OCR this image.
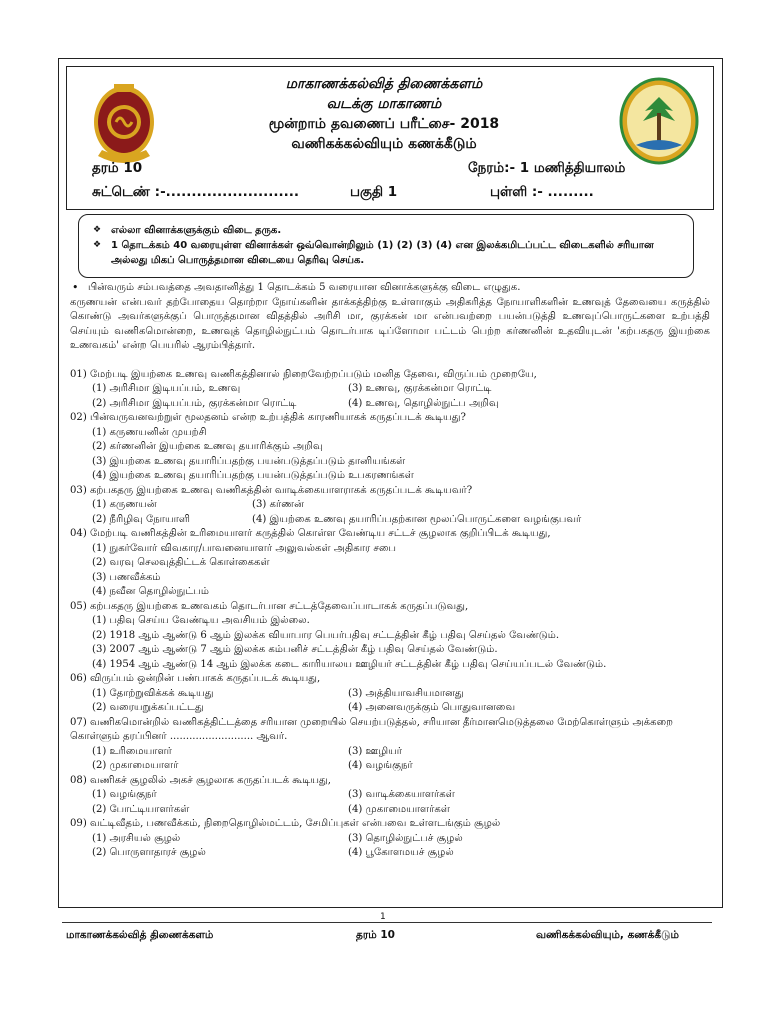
மாகாணக்கல்வித் திணைக்களம்
வடக்கு மாகாணம்
மூன்றாம் தவணைப் பரீட்சை- 2018
வணிகக்கல்வியும் கணக்கீடும்
தரம் 10	நேரம்:- 1 மணித்தியாலம்
சுட்டெண் :-..........................	பகுதி 1	புள்ளி :- .........
❖ எல்லா வினாக்களுக்கும் விடை தருக.
❖ 1 தொடக்கம் 40 வரையுள்ள வினாக்கள் ஒவ்வொன்றிலும் (1) (2) (3) (4) என இலக்கமிடப்பட்ட விடைகளில் சரியான அல்லது மிகப் பொருத்தமான விடையை தெரிவு செய்க.
• பின்வரும் சம்பவத்தை அவதானித்து 1 தொடக்கம் 5 வரையான வினாக்களுக்கு விடை எழுதுக.

கருணயன் என்பவர் தற்போதைய தொற்றா நோய்களின் தாக்கத்திற்கு உள்ளாகும் அதிகரித்த நோயாளிகளின் உணவுத் தேவையை கருத்தில் கொண்டு அவர்களுக்குப் பொருத்தமான விதத்தில் அரிசி மா, குரக்கன் மா என்பவற்றை பயன்படுத்தி உணவுப்பொருட்களை உற்பத்தி செய்யும் வணிகமொன்றை, உணவுத் தொழில்நுட்பம் தொடர்பாக டிப்ளோமா பட்டம் பெற்ற கர்ணனின் உதவியுடன் 'கற்பகதரு இயற்கை உணவகம்' என்ற பெயரில் ஆரம்பித்தார்.

01) மேற்படி இயற்கை உணவு வணிகத்தினால் நிறைவேற்றப்படும் மனித தேவை, விருப்பம் முறையே,
(1) அரிசிமா இடியப்பம், உணவு	(3) உணவு, குரக்கன்மா ரொட்டி
(2) அரிசிமா இடியப்பம், குரக்கன்மா ரொட்டி	(4) உணவு, தொழில்நுட்ப அறிவு
02) பின்வருவனவற்றுள் மூலதனம் என்ற உற்பத்திக் காரணியாகக் கருதப்படக் கூடியது?
(1) கருணயனின் முயற்சி
(2) கர்ணனின் இயற்கை உணவு தயாரிக்கும் அறிவு
(3) இயற்கை உணவு தயாரிப்பதற்கு பயன்படுத்தப்படும் தானியங்கள்
(4) இயற்கை உணவு தயாரிப்பதற்கு பயன்படுத்தப்படும் உபகரணங்கள்
03) கற்பகதரு இயற்கை உணவு வணிகத்தின் வாடிக்கையாளராகக் கருதப்படக் கூடியவர்?
(1) கருணயன்	(3) கர்ணன்
(2) நீரிழிவு நோயாளி	(4) இயற்கை உணவு தயாரிப்பதற்கான மூலப்பொருட்களை வழங்குபவர்
04) மேற்படி வணிகத்தின் உரிமையாளர் கருத்தில் கொள்ள வேண்டிய சட்டச் சூழலாக குறிப்பிடக் கூடியது,
(1) நுகர்வோர் விவகார/பாவனையாளர் அலுவல்கள் அதிகார சபை
(2) வரவு செலவுத்திட்டக் கொள்கைகள்
(3) பணவீக்கம்
(4) நவீன தொழில்நுட்பம்
05) கற்பகதரு இயற்கை உணவகம் தொடர்பான சட்டத்தேவைப்பாடாகக் கருதப்படுவது,
(1) பதிவு செய்ய வேண்டிய அவசியம் இல்லை.
(2) 1918 ஆம் ஆண்டு 6 ஆம் இலக்க வியாபார பெயர்பதிவு சட்டத்தின் கீழ் பதிவு செய்தல் வேண்டும்.
(3) 2007 ஆம் ஆண்டு 7 ஆம் இலக்க கம்பனிச் சட்டத்தின் கீழ் பதிவு செய்தல் வேண்டும்.
(4) 1954 ஆம் ஆண்டு 14 ஆம் இலக்க கடை காரியாலய ஊழியர் சட்டத்தின் கீழ் பதிவு செய்யப்படல் வேண்டும்.
06) விருப்பம் ஒன்றின் பண்பாகக் கருதப்படக் கூடியது,
(1) தோற்றுவிக்கக் கூடியது	(3) அத்தியாவசியமானது
(2) வரையறுக்கப்பட்டது	(4) அனைவருக்கும் பொதுவானவை
07) வணிகமொன்றில் வணிகத்திட்டத்தை சரியான முறையில் செயற்படுத்தல், சரியான தீர்மானமெடுத்தலை மேற்கொள்ளும் அக்கறை கொள்ளும் தரப்பினர் .......................... ஆவர்.
(1) உரிமையாளர்	(3) ஊழியர்
(2) முகாமையாளர்	(4) வழங்குநர்
08) வணிகச் சூழலில் அகச் சூழலாக கருதப்படக் கூடியது,
(1) வழங்குநர்	(3) வாடிக்கையாளர்கள்
(2) போட்டியாளர்கள்	(4) முகாமையாளர்கள்
09) வட்டிவீதம், பணவீக்கம், நிறைதொழில்மட்டம், சேமிப்புகள் என்பவை உள்ளடங்கும் சூழல்
(1) அரசியல் சூழல்	(3) தொழில்நுட்பச் சூழல்
(2) பொருளாதாரச் சூழல்	(4) பூகோளமயச் சூழல்
1
மாகாணக்கல்வித் திணைக்களம்	தரம் 10	வணிகக்கல்வியும், கணக்கீடும்
